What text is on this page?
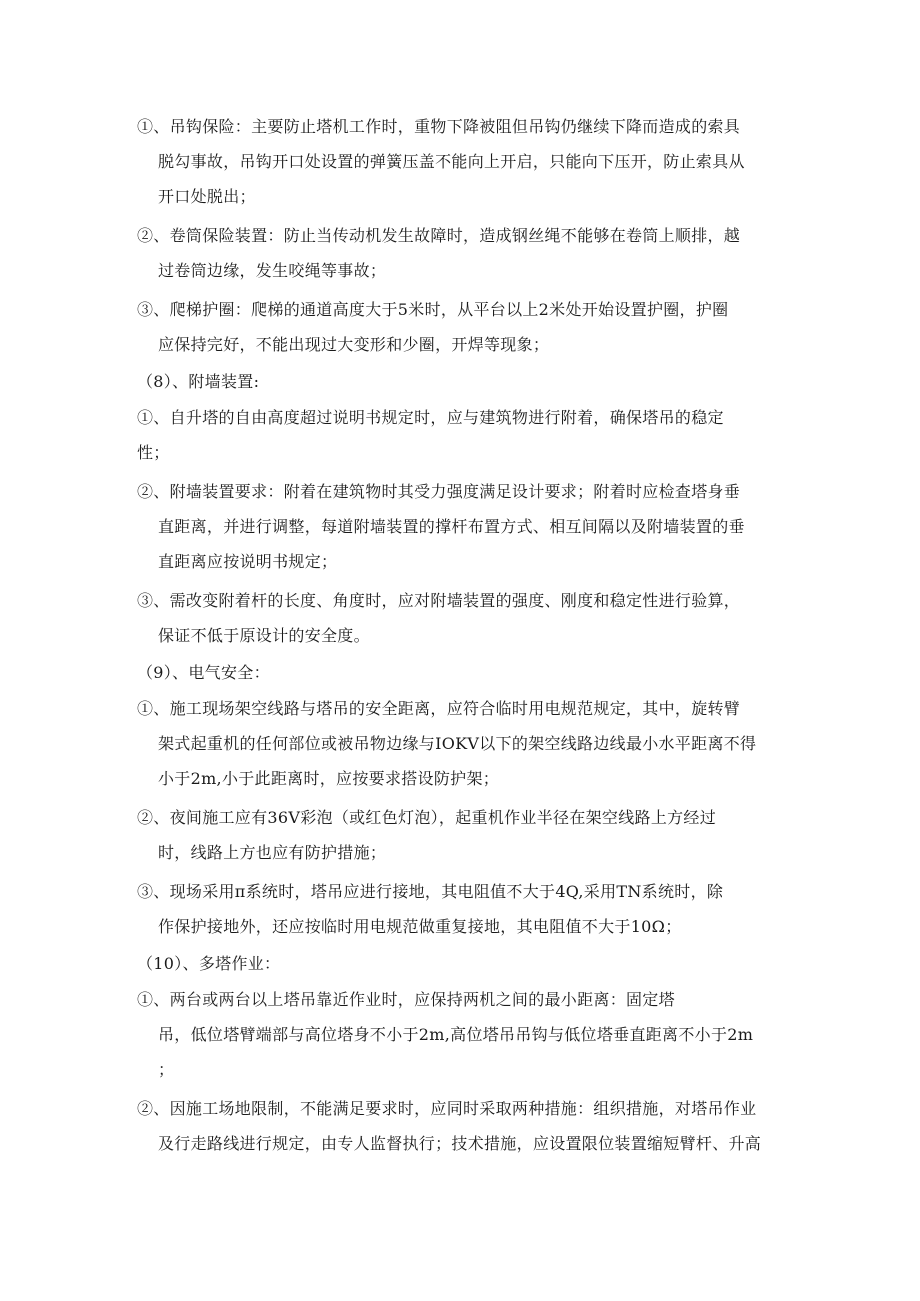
①、吊钩保险：主要防止塔机工作时，重物下降被阻但吊钩仍继续下降而造成的索具
脱勾事故，吊钩开口处设置的弹簧压盖不能向上开启，只能向下压开，防止索具从
开口处脱出；
②、卷筒保险装置：防止当传动机发生故障时，造成钢丝绳不能够在卷筒上顺排，越
过卷筒边缘，发生咬绳等事故；
③、爬梯护圈：爬梯的通道高度大于5米时，从平台以上2米处开始设置护圈，护圈
应保持完好，不能出现过大变形和少圈，开焊等现象；
（8）、附墙装置:
①、自升塔的自由高度超过说明书规定时，应与建筑物进行附着，确保塔吊的稳定
性；
②、附墙装置要求：附着在建筑物时其受力强度满足设计要求；附着时应检查塔身垂
直距离，并进行调整，每道附墙装置的撑杆布置方式、相互间隔以及附墙装置的垂
直距离应按说明书规定；
③、需改变附着杆的长度、角度时，应对附墙装置的强度、刚度和稳定性进行验算，
保证不低于原设计的安全度。
（9）、电气安全：
①、施工现场架空线路与塔吊的安全距离，应符合临时用电规范规定，其中，旋转臂
架式起重机的任何部位或被吊物边缘与IOKV以下的架空线路边线最小水平距离不得
小于2m,小于此距离时，应按要求搭设防护架；
②、夜间施工应有36V彩泡（或红色灯泡），起重机作业半径在架空线路上方经过
时，线路上方也应有防护措施；
③、现场采用π系统时，塔吊应进行接地，其电阻值不大于4Q,采用TN系统时，除
作保护接地外，还应按临时用电规范做重复接地，其电阻值不大于10Ω；
（10）、多塔作业：
①、两台或两台以上塔吊靠近作业时，应保持两机之间的最小距离：固定塔
吊，低位塔臂端部与高位塔身不小于2m,高位塔吊吊钩与低位塔垂直距离不小于2m
；
②、因施工场地限制，不能满足要求时，应同时采取两种措施：组织措施，对塔吊作业
及行走路线进行规定，由专人监督执行；技术措施，应设置限位装置缩短臂杆、升高
